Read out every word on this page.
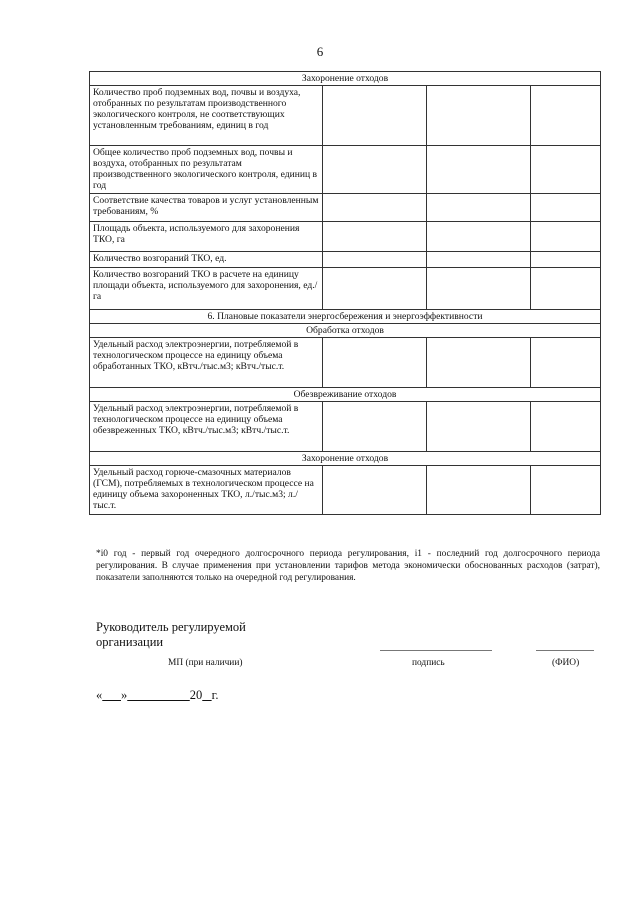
6
Захоронение отходов			
Количество проб подземных вод, почвы и воздуха, отобранных по результатам производственного экологического контроля, не соответствующих установленным требованиям, единиц в год			
Общее количество проб подземных вод, почвы и воздуха, отобранных по результатам производственного экологического контроля, единиц в год			
Соответствие качества товаров и услуг установленным требованиям, %			
Площадь объекта, используемого для захоронения ТКО, га			
Количество возгораний ТКО, ед.			
Количество возгораний ТКО в расчете на единицу площади объекта, используемого для захоронения, ед./га			
6. Плановые показатели энергосбережения и энергоэффективности			
Обработка отходов			
Удельный расход электроэнергии, потребляемой в технологическом процессе на единицу объема обработанных ТКО, кВтч./тыс.м3; кВтч./тыс.т.			
Обезвреживание отходов			
Удельный расход электроэнергии, потребляемой в технологическом процессе на единицу объема обезвреженных ТКО, кВтч./тыс.м3; кВтч./тыс.т.			
Захоронение отходов			
Удельный расход горюче-смазочных материалов (ГСМ), потребляемых в технологическом процессе на единицу объема захороненных ТКО, л./тыс.м3; л./тыс.т.			
*i0 год - первый год очередного долгосрочного периода регулирования, i1 - последний год долгосрочного периода регулирования. В случае применения при установлении тарифов метода экономически обоснованных расходов (затрат), показатели заполняются только на очередной год регулирования.
Руководитель регулируемой организации
МП (при наличии)	подпись	(ФИО)
« »	20 г.
